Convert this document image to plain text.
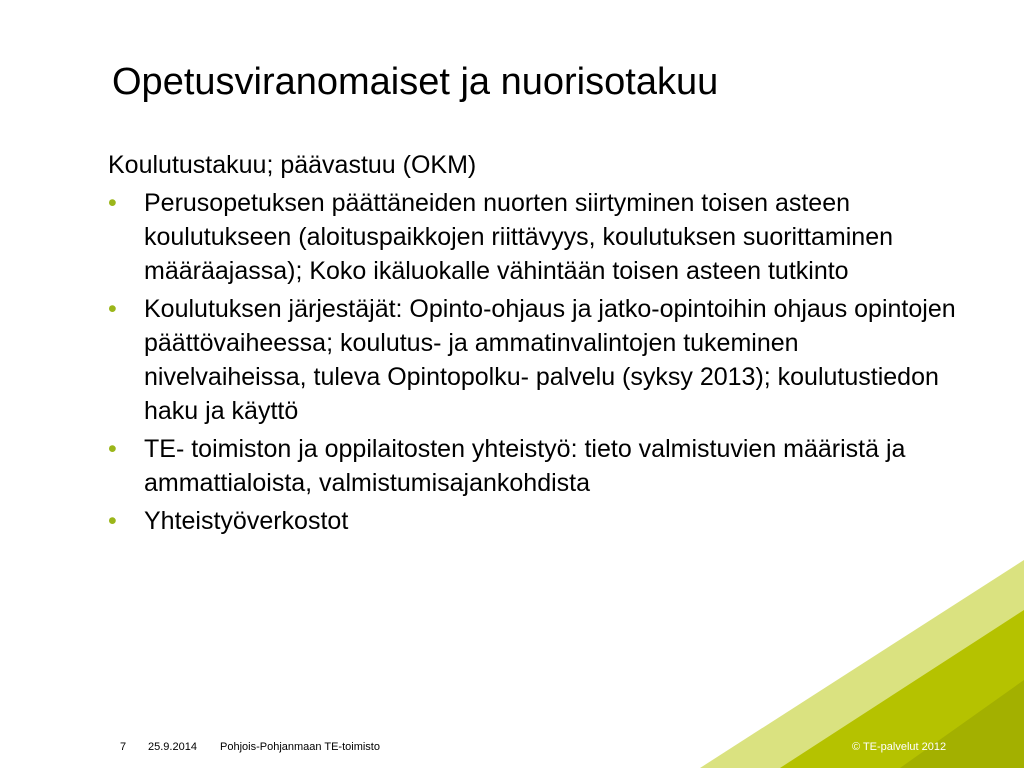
Opetusviranomaiset ja nuorisotakuu

Koulutustakuu; päävastuu (OKM)

• Perusopetuksen päättäneiden nuorten siirtyminen toisen asteen koulutukseen (aloituspaikkojen riittävyys, koulutuksen suorittaminen määräajassa); Koko ikäluokalle vähintään toisen asteen tutkinto
• Koulutuksen järjestäjät: Opinto-ohjaus ja jatko-opintoihin ohjaus opintojen päättövaiheessa; koulutus- ja ammatinvalintojen tukeminen nivelvaiheissa, tuleva Opintopolku- palvelu (syksy 2013); koulutustiedon haku ja käyttö
• TE- toimiston ja oppilaitosten yhteistyö: tieto valmistuvien määristä ja ammattialoista, valmistumisajankohdista
• Yhteistyöverkostot
7 25.9.2014 Pohjois-Pohjanmaan TE-toimisto	© TE-palvelut 2012
